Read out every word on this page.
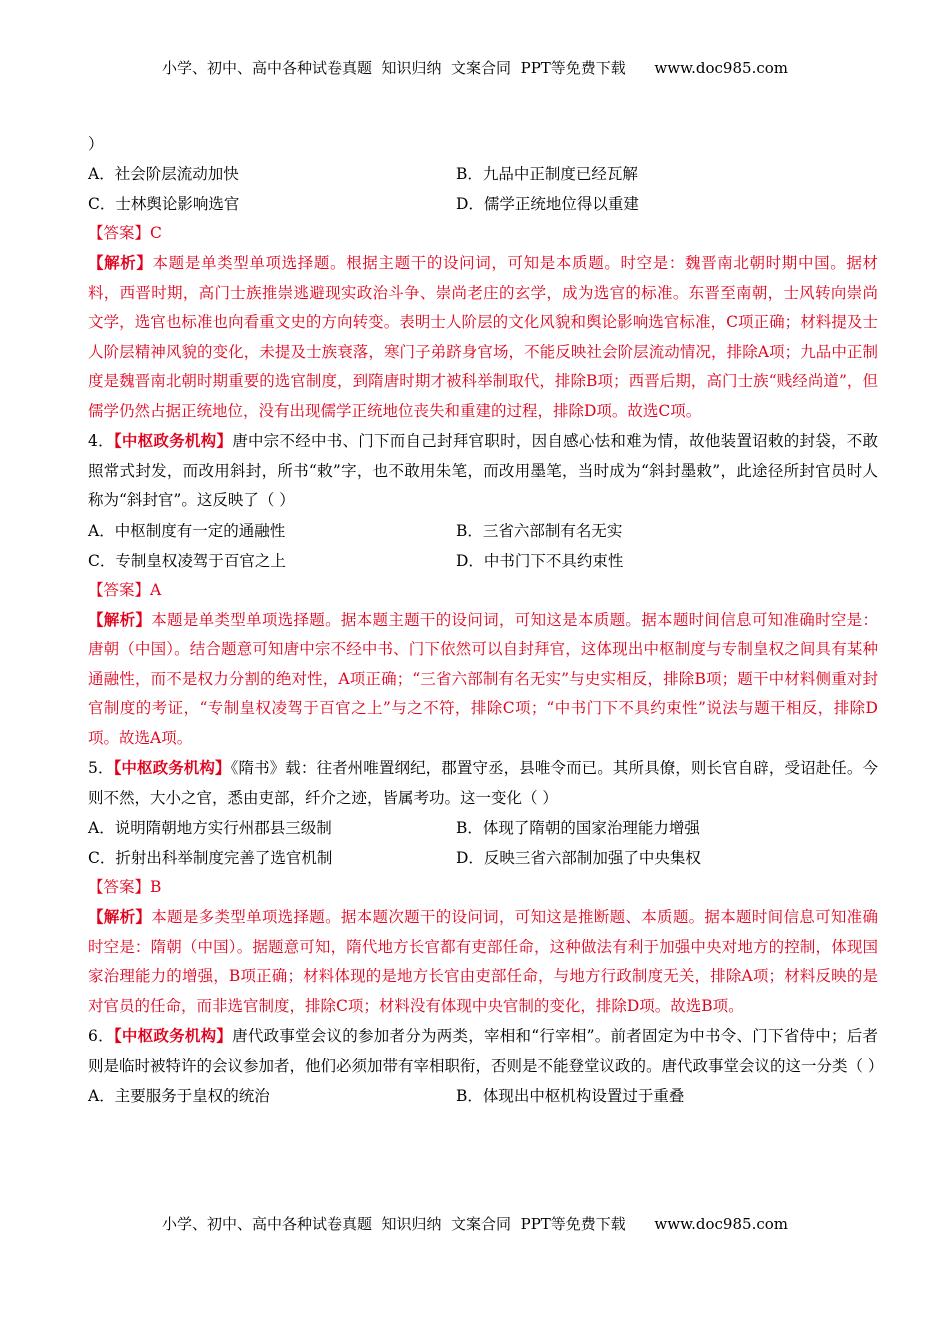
小学、初中、高中各种试卷真题  知识归纳  文案合同  PPT等免费下载      www.doc985.com
）
A．社会阶层流动加快	B．九品中正制度已经瓦解
C．士林舆论影响选官	D．儒学正统地位得以重建
【答案】C

【解析】本题是单类型单项选择题。根据主题干的设问词，可知是本质题。时空是：魏晋南北朝时期中国。据材料，西晋时期，高门士族推崇逃避现实政治斗争、崇尚老庄的玄学，成为选官的标准。东晋至南朝，士风转向崇尚文学，选官也标准也向看重文史的方向转变。表明士人阶层的文化风貌和舆论影响选官标准，C项正确；材料提及士人阶层精神风貌的变化，未提及士族衰落，寒门子弟跻身官场，不能反映社会阶层流动情况，排除A项；九品中正制度是魏晋南北朝时期重要的选官制度，到隋唐时期才被科举制取代，排除B项；西晋后期，高门士族“贱经尚道”，但儒学仍然占据正统地位，没有出现儒学正统地位丧失和重建的过程，排除D项。故选C项。

4．【中枢政务机构】唐中宗不经中书、门下而自己封拜官职时，因自感心怯和难为情，故他装置诏敕的封袋，不敢照常式封发，而改用斜封，所书“敕”字，也不敢用朱笔，而改用墨笔，当时成为“斜封墨敕”，此途径所封官员时人称为“斜封官”。这反映了（ ）

A．中枢制度有一定的通融性	B．三省六部制有名无实
C．专制皇权凌驾于百官之上	D．中书门下不具约束性
【答案】A

【解析】本题是单类型单项选择题。据本题主题干的设问词，可知这是本质题。据本题时间信息可知准确时空是：唐朝（中国）。结合题意可知唐中宗不经中书、门下依然可以自封拜官，这体现出中枢制度与专制皇权之间具有某种通融性，而不是权力分割的绝对性，A项正确；“三省六部制有名无实”与史实相反，排除B项；题干中材料侧重对封官制度的考证，“专制皇权凌驾于百官之上”与之不符，排除C项；“中书门下不具约束性”说法与题干相反，排除D项。故选A项。

5．【中枢政务机构】《隋书》载：往者州唯置纲纪，郡置守丞，县唯令而已。其所具僚，则长官自辟，受诏赴任。今则不然，大小之官，悉由吏部，纤介之迹，皆属考功。这一变化（ ）

A．说明隋朝地方实行州郡县三级制	B．体现了隋朝的国家治理能力增强
C．折射出科举制度完善了选官机制	D．反映三省六部制加强了中央集权
【答案】B

【解析】本题是多类型单项选择题。据本题次题干的设问词，可知这是推断题、本质题。据本题时间信息可知准确时空是：隋朝（中国）。据题意可知，隋代地方长官都有吏部任命，这种做法有利于加强中央对地方的控制，体现国家治理能力的增强，B项正确；材料体现的是地方长官由吏部任命，与地方行政制度无关，排除A项；材料反映的是对官员的任命，而非选官制度，排除C项；材料没有体现中央官制的变化，排除D项。故选B项。

6．【中枢政务机构】唐代政事堂会议的参加者分为两类，宰相和“行宰相”。前者固定为中书令、门下省侍中；后者则是临时被特许的会议参加者，他们必须加带有宰相职衔，否则是不能登堂议政的。唐代政事堂会议的这一分类（ ）

A．主要服务于皇权的统治	B．体现出中枢机构设置过于重叠
小学、初中、高中各种试卷真题  知识归纳  文案合同  PPT等免费下载      www.doc985.com
